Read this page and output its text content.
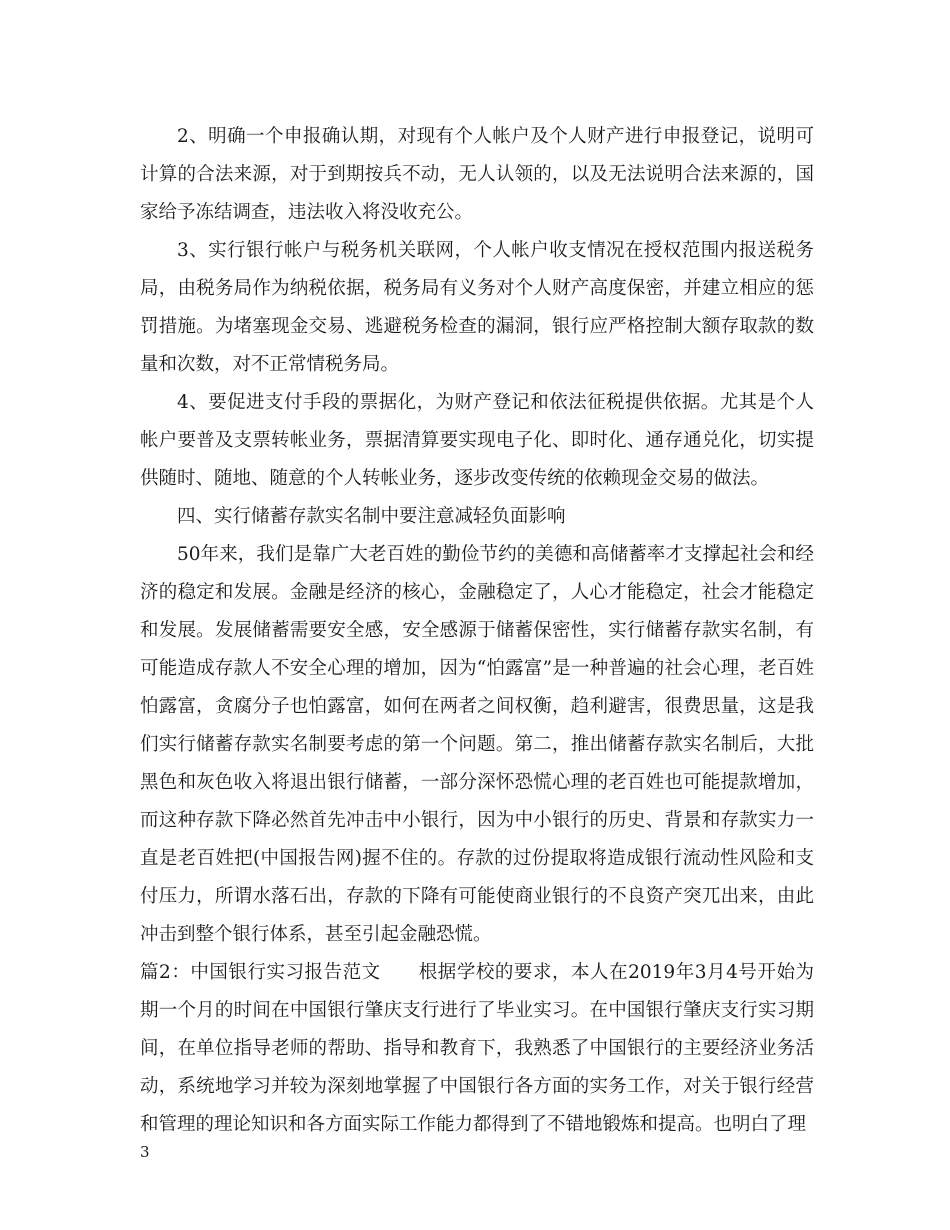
2、明确一个申报确认期，对现有个人帐户及个人财产进行申报登记，说明可计算的合法来源，对于到期按兵不动，无人认领的，以及无法说明合法来源的，国家给予冻结调查，违法收入将没收充公。

3、实行银行帐户与税务机关联网，个人帐户收支情况在授权范围内报送税务局，由税务局作为纳税依据，税务局有义务对个人财产高度保密，并建立相应的惩罚措施。为堵塞现金交易、逃避税务检查的漏洞，银行应严格控制大额存取款的数量和次数，对不正常情税务局。

4、要促进支付手段的票据化，为财产登记和依法征税提供依据。尤其是个人帐户要普及支票转帐业务，票据清算要实现电子化、即时化、通存通兑化，切实提供随时、随地、随意的个人转帐业务，逐步改变传统的依赖现金交易的做法。

四、实行储蓄存款实名制中要注意减轻负面影响

50年来，我们是靠广大老百姓的勤俭节约的美德和高储蓄率才支撑起社会和经济的稳定和发展。金融是经济的核心，金融稳定了，人心才能稳定，社会才能稳定和发展。发展储蓄需要安全感，安全感源于储蓄保密性，实行储蓄存款实名制，有可能造成存款人不安全心理的增加，因为“怕露富”是一种普遍的社会心理，老百姓怕露富，贪腐分子也怕露富，如何在两者之间权衡，趋利避害，很费思量，这是我们实行储蓄存款实名制要考虑的第一个问题。第二，推出储蓄存款实名制后，大批黑色和灰色收入将退出银行储蓄，一部分深怀恐慌心理的老百姓也可能提款增加，而这种存款下降必然首先冲击中小银行，因为中小银行的历史、背景和存款实力一直是老百姓把(中国报告网)握不住的。存款的过份提取将造成银行流动性风险和支付压力，所谓水落石出，存款的下降有可能使商业银行的不良资产突兀出来，由此冲击到整个银行体系，甚至引起金融恐慌。

篇2：中国银行实习报告范文　　根据学校的要求，本人在2019年3月4号开始为期一个月的时间在中国银行肇庆支行进行了毕业实习。在中国银行肇庆支行实习期间，在单位指导老师的帮助、指导和教育下，我熟悉了中国银行的主要经济业务活动，系统地学习并较为深刻地掌握了中国银行各方面的实务工作，对关于银行经营和管理的理论知识和各方面实际工作能力都得到了不错地锻炼和提高。也明白了理

3
